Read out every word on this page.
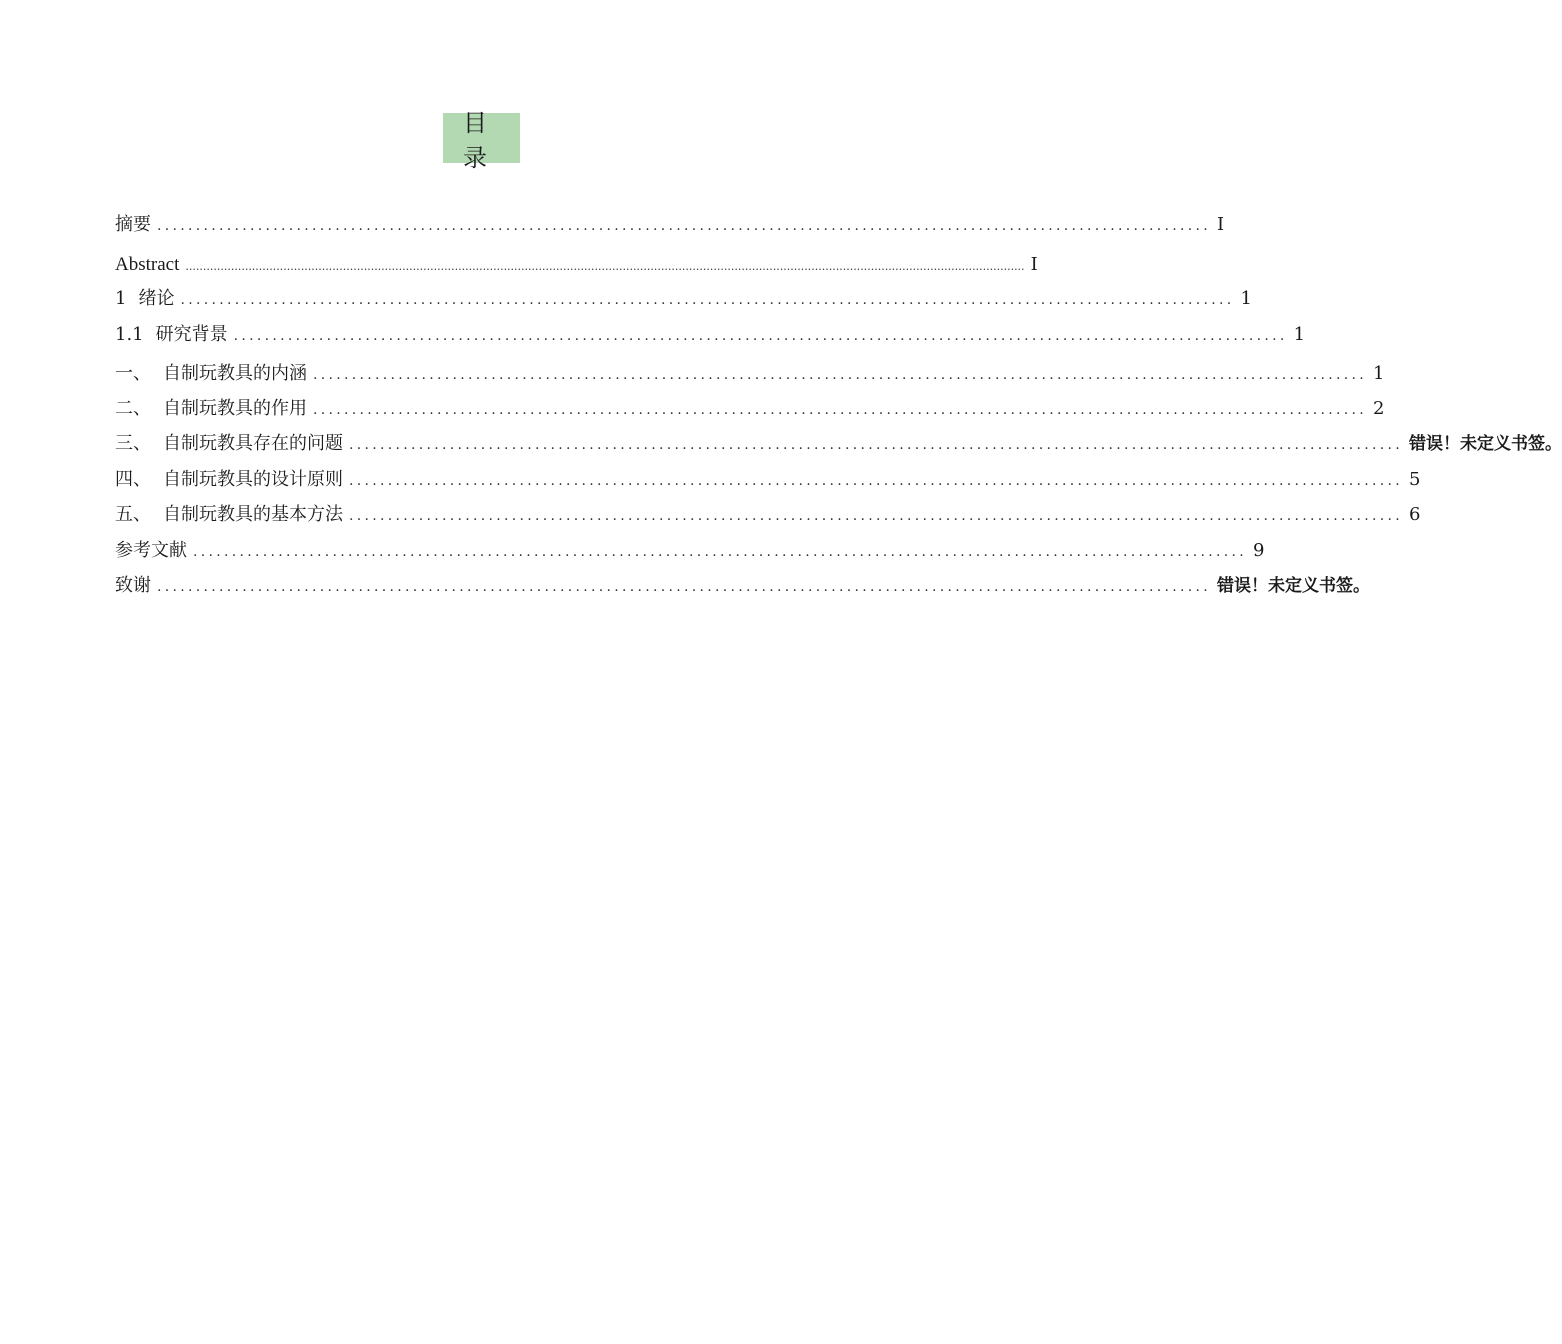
目 录
摘要 ........................................................................................................................................ I
Abstract ................................................................................................................................................................................................................................................ I
1 绪论 ........................................................................................................................................ 1
1.1 研究背景 ........................................................................................................................................ 1
一、 自制玩教具的内涵 ........................................................................................................................................ 1
二、 自制玩教具的作用 ........................................................................................................................................ 2
三、 自制玩教具存在的问题 ........................................................................................................................................ 错误！未定义书签。
四、 自制玩教具的设计原则 ........................................................................................................................................ 5
五、 自制玩教具的基本方法 ........................................................................................................................................ 6
参考文献 ........................................................................................................................................ 9
致谢 ........................................................................................................................................ 错误！未定义书签。
